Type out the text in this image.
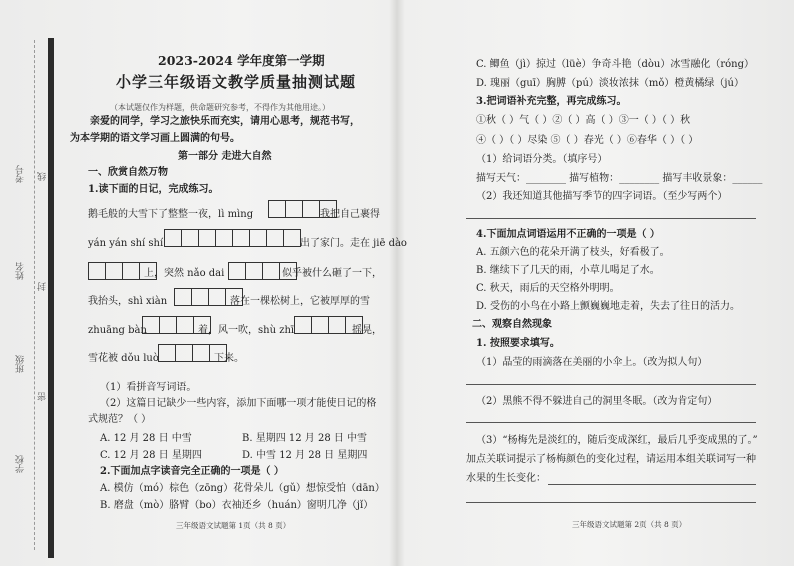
考号
姓名
班级
学校
线
封
密
2023-2024 学年度第一学期
小学三年级语文教学质量抽测试题
（本试题仅作为样题，供命题研究参考，不得作为其他用途。）
亲爱的同学，学习之旅快乐而充实，请用心思考，规范书写，
为本学期的语文学习画上圆满的句号。
第一部分 走进大自然
一、欣赏自然万物
1.读下面的日记，完成练习。
鹅毛般的大雪下了整整一夜，lì mìng	我把自己裹得
yán yán shí shí	出了家门。走在 jiē dào
上，突然 nǎo dai	似乎被什么砸了一下，
我抬头，shì xiàn	落在一棵松树上，它被厚厚的雪
zhuāng bàn	着，风一吹，shù zhī	摇晃，
雪花被 dǒu luò	下来。
（1）看拼音写词语。
（2）这篇日记缺少一些内容，添加下面哪一项才能使日记的格
式规范？（ ）
A. 12 月 28 日 中雪	B. 星期四 12 月 28 日 中雪
C. 12 月 28 日 星期四	D. 中雪 12 月 28 日 星期四
2.下面加点字读音完全正确的一项是（ ）
A. 模仿（mó）棕色（zōng）花骨朵儿（gǔ）想惊受怕（dān）
B. 磨盘（mò）胳臂（bo）衣袖还乡（huán）窗明几净（jǐ）
三年级语文试题第 1页（共 8 页）
C. 鲫鱼（jì）掠过（lüè）争奇斗艳（dòu）冰雪融化（róng）
D. 瑰丽（guī）胸膊（pú）淡妆浓抹（mǒ）橙黄橘绿（jú）
3.把词语补充完整，再完成练习。
①秋（ ）气（ ）②（ ）高（ ）③一（ ）（ ）秋
④（ ）（ ）尽染 ⑤（ ）春光（ ）⑥春华（ ）（ ）
（1）给词语分类。（填序号）
描写天气：________ 描写植物：________ 描写丰收景象：______
（2）我还知道其他描写季节的四字词语。（至少写两个）
4.下面加点词语运用不正确的一项是（ ）
A. 五颜六色的花朵开满了枝头，好看极了。
B. 继续下了几天的雨，小草儿喝足了水。
C. 秋天，雨后的天空格外明明。
D. 受伤的小鸟在小路上颤巍巍地走着，失去了往日的活力。
二、观察自然现象
1. 按照要求填写。
（1）晶莹的雨滴落在美丽的小伞上。（改为拟人句）
（2）黑熊不得不躲进自己的洞里冬眠。（改为肯定句）
（3）“杨梅先是淡红的，随后变成深红，最后几乎变成黑的了。”
加点关联词提示了杨梅颜色的变化过程，请运用本组关联词写一种
水果的生长变化：
三年级语文试题第 2页（共 8 页）
